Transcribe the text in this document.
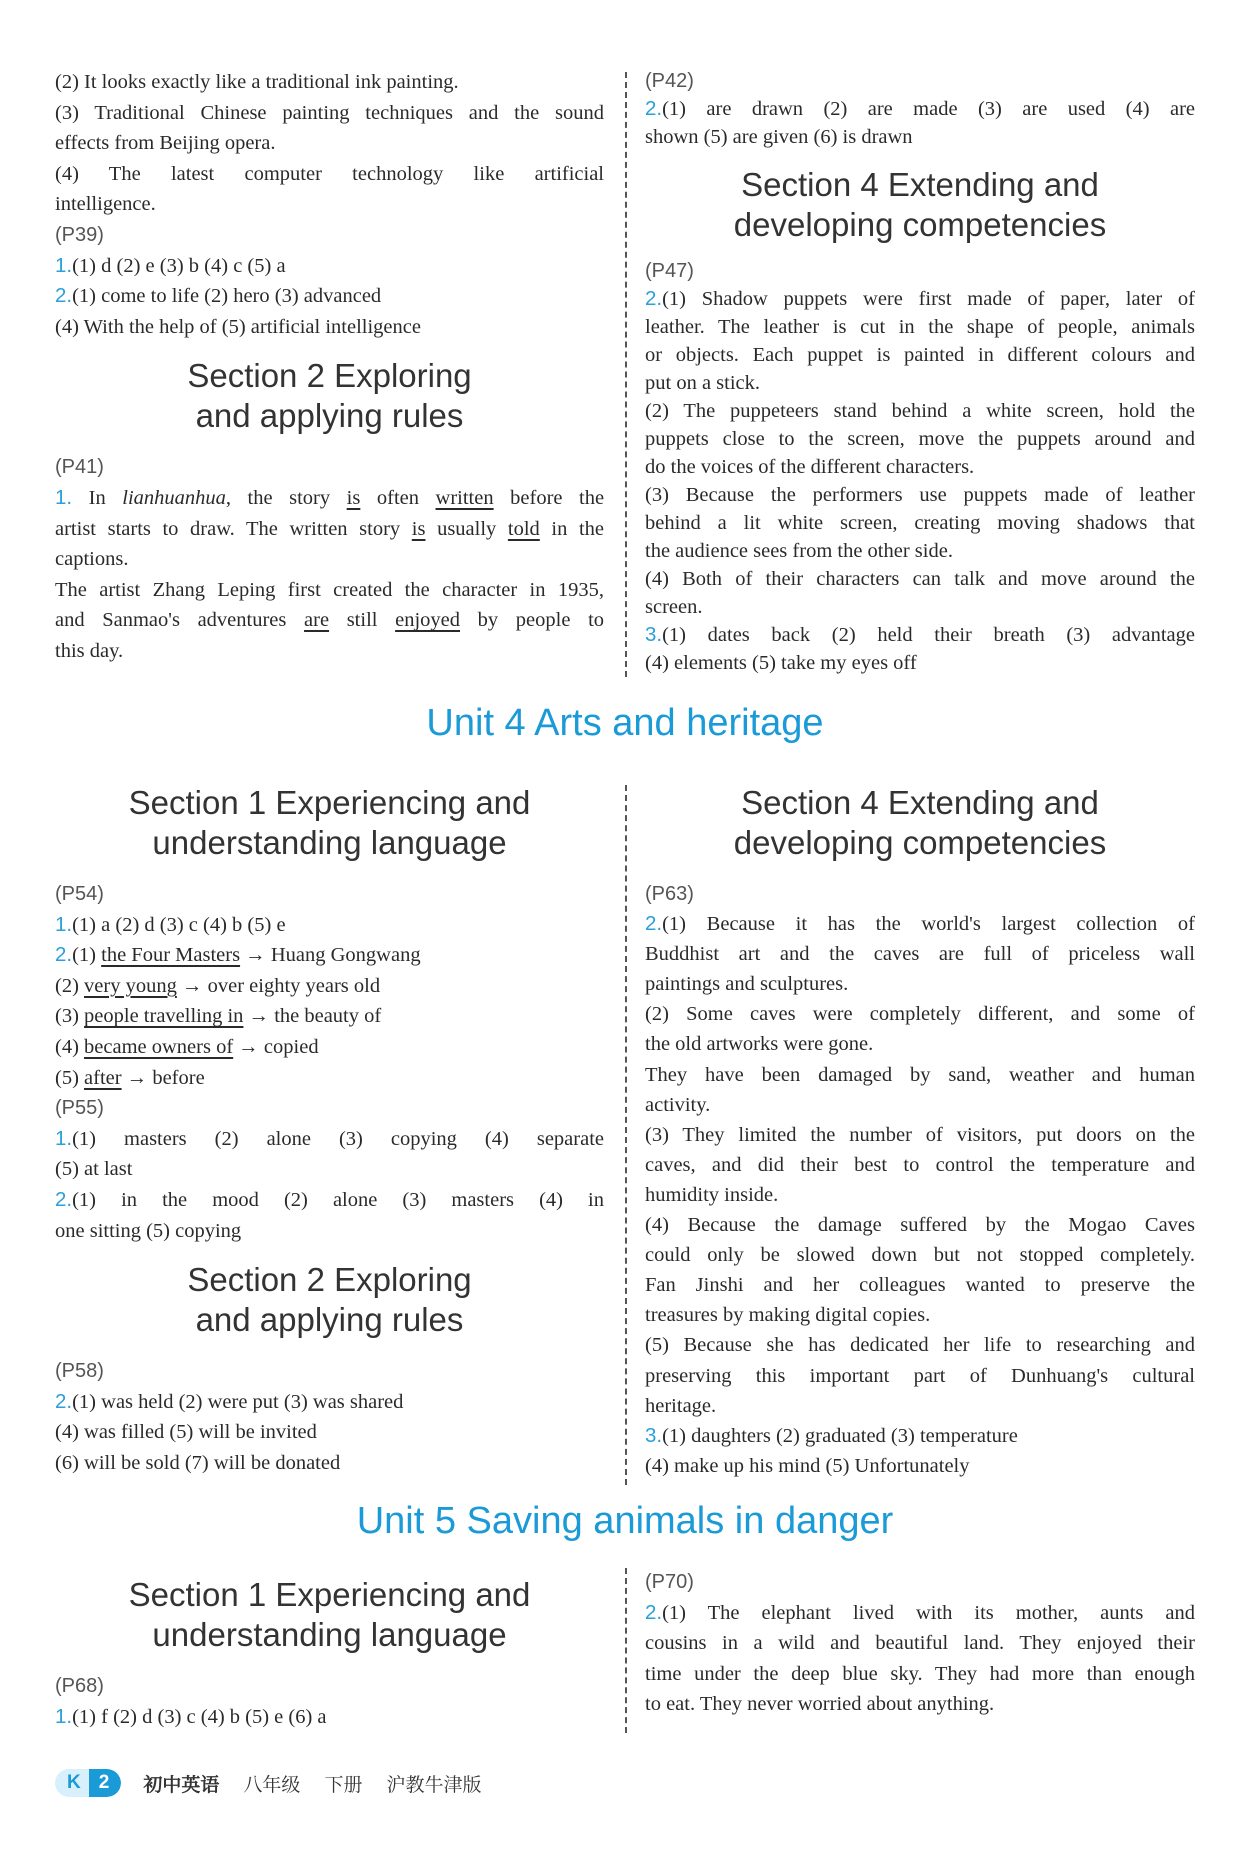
(2) It looks exactly like a traditional ink painting.

(3) Traditional Chinese painting techniques and the sound

effects from Beijing opera.

(4) The latest computer technology like artificial

intelligence.

(P39)

1.(1) d (2) e (3) b (4) c (5) a

2.(1) come to life (2) hero (3) advanced

(4) With the help of (5) artificial intelligence

Section 2 Exploring
and applying rules
(P41)

1. In lianhuanhua, the story is often written before the

artist starts to draw. The written story is usually told in the

captions.

The artist Zhang Leping first created the character in 1935,

and Sanmao's adventures are still enjoyed by people to

this day.

(P42)

2.(1) are drawn (2) are made (3) are used (4) are

shown (5) are given (6) is drawn

Section 4 Extending and
developing competencies
(P47)

2.(1) Shadow puppets were first made of paper, later of

leather. The leather is cut in the shape of people, animals

or objects. Each puppet is painted in different colours and

put on a stick.

(2) The puppeteers stand behind a white screen, hold the

puppets close to the screen, move the puppets around and

do the voices of the different characters.

(3) Because the performers use puppets made of leather

behind a lit white screen, creating moving shadows that

the audience sees from the other side.

(4) Both of their characters can talk and move around the

screen.

3.(1) dates back (2) held their breath (3) advantage

(4) elements (5) take my eyes off

Unit 4 Arts and heritage
Section 1 Experiencing and
understanding language
(P54)

1.(1) a (2) d (3) c (4) b (5) e

2.(1) the Four Masters → Huang Gongwang

(2) very young → over eighty years old

(3) people travelling in → the beauty of

(4) became owners of → copied

(5) after → before

(P55)

1.(1) masters (2) alone (3) copying (4) separate

(5) at last

2.(1) in the mood (2) alone (3) masters (4) in

one sitting (5) copying

Section 2 Exploring
and applying rules
(P58)

2.(1) was held (2) were put (3) was shared

(4) was filled (5) will be invited

(6) will be sold (7) will be donated

Section 4 Extending and
developing competencies
(P63)

2.(1) Because it has the world's largest collection of

Buddhist art and the caves are full of priceless wall

paintings and sculptures.

(2) Some caves were completely different, and some of

the old artworks were gone.

They have been damaged by sand, weather and human

activity.

(3) They limited the number of visitors, put doors on the

caves, and did their best to control the temperature and

humidity inside.

(4) Because the damage suffered by the Mogao Caves

could only be slowed down but not stopped completely.

Fan Jinshi and her colleagues wanted to preserve the

treasures by making digital copies.

(5) Because she has dedicated her life to researching and

preserving this important part of Dunhuang's cultural

heritage.

3.(1) daughters (2) graduated (3) temperature

(4) make up his mind (5) Unfortunately

Unit 5 Saving animals in danger
Section 1 Experiencing and
understanding language
(P68)

1.(1) f (2) d (3) c (4) b (5) e (6) a

(P70)

2.(1) The elephant lived with its mother, aunts and

cousins in a wild and beautiful land. They enjoyed their

time under the deep blue sky. They had more than enough

to eat. They never worried about anything.

K 2	初中英语 八年级 下册 沪教牛津版
